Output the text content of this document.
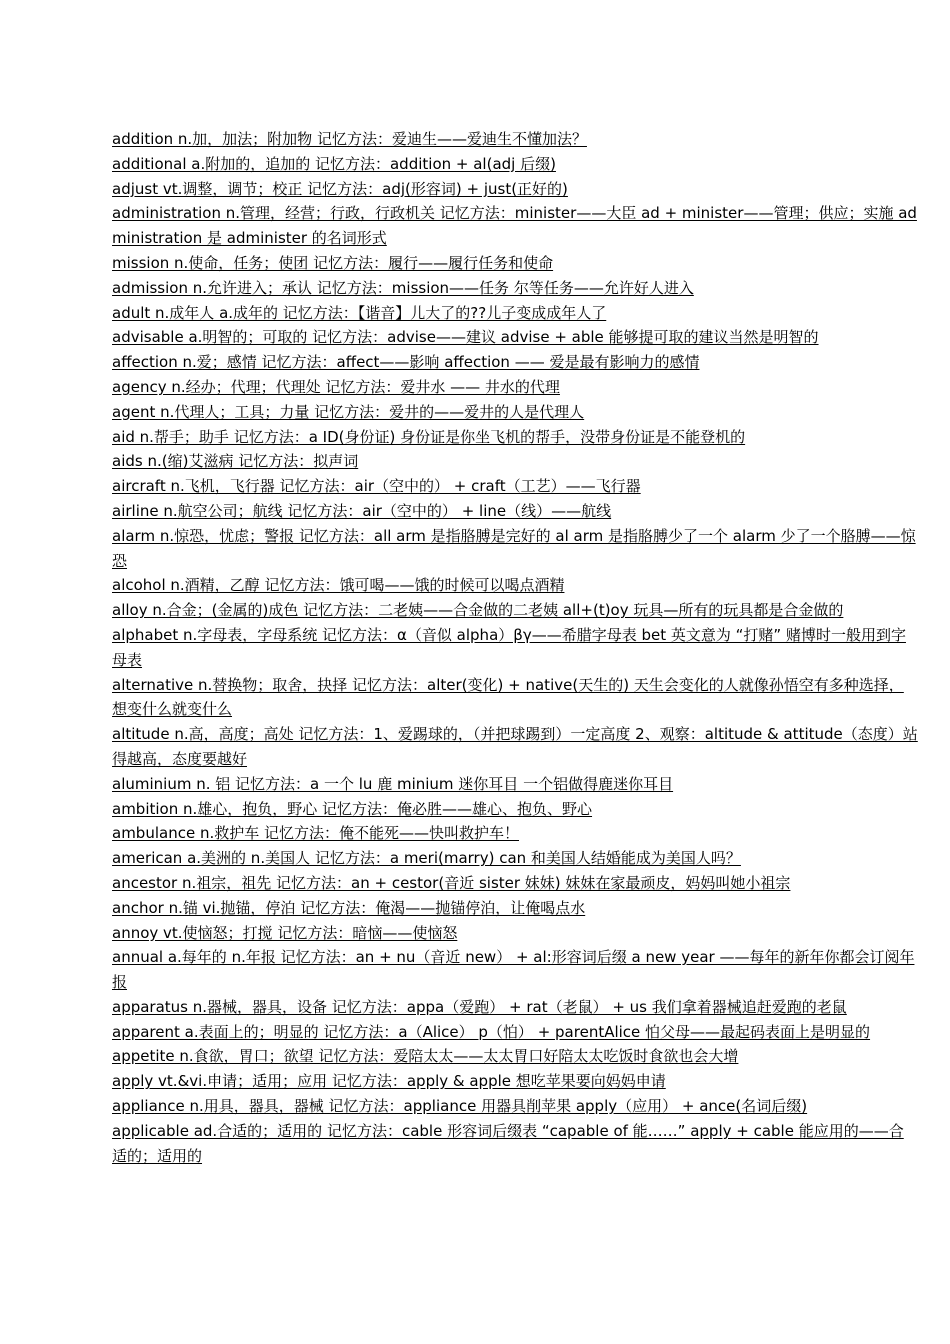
addition n.加，加法；附加物 记忆方法：爱迪生——爱迪生不懂加法？

additional a.附加的，追加的 记忆方法：addition + al(adj 后缀)

adjust vt.调整，调节；校正 记忆方法：adj(形容词) + just(正好的)

administration n.管理，经营；行政，行政机关 记忆方法：minister——大臣 ad + minister——管理；供应；实施 administration 是 administer 的名词形式

mission n.使命，任务；使团 记忆方法：履行——履行任务和使命

admission n.允许进入；承认 记忆方法：mission——任务 尔等任务——允许好人进入

adult n.成年人 a.成年的 记忆方法：【谐音】儿大了的??儿子变成成年人了

advisable a.明智的；可取的 记忆方法：advise——建议 advise + able 能够提可取的建议当然是明智的

affection n.爱；感情 记忆方法：affect——影响 affection —— 爱是最有影响力的感情

agency n.经办；代理；代理处 记忆方法：爱井水 —— 井水的代理

agent n.代理人；工具；力量 记忆方法：爱井的——爱井的人是代理人

aid n.帮手；助手 记忆方法：a ID(身份证) 身份证是你坐飞机的帮手，没带身份证是不能登机的

aids n.(缩)艾滋病 记忆方法：拟声词

aircraft n.飞机，飞行器 记忆方法：air（空中的） + craft（工艺）——飞行器

airline n.航空公司；航线 记忆方法：air（空中的） + line（线）——航线

alarm n.惊恐，忧虑；警报 记忆方法：all arm 是指胳膊是完好的 al arm 是指胳膊少了一个 alarm 少了一个胳膊——惊恐

alcohol n.酒精，乙醇 记忆方法：饿可喝——饿的时候可以喝点酒精

alloy n.合金；(金属的)成色 记忆方法：二老姨——合金做的二老姨 all+(t)oy 玩具—所有的玩具都是合金做的

alphabet n.字母表，字母系统 记忆方法：α（音似 alpha）βγ——希腊字母表 bet 英文意为 “打赌” 赌博时一般用到字母表

alternative n.替换物；取舍，抉择 记忆方法：alter(变化) + native(天生的) 天生会变化的人就像孙悟空有多种选择，想变什么就变什么

altitude n.高，高度；高处 记忆方法：1、爱踢球的，（并把球踢到）一定高度 2、观察：altitude & attitude（态度）站得越高，态度要越好

aluminium n. 铝 记忆方法：a 一个 lu 鹿 minium 迷你耳目 一个铝做得鹿迷你耳目

ambition n.雄心，抱负，野心 记忆方法：俺必胜——雄心、抱负、野心

ambulance n.救护车 记忆方法：俺不能死——快叫救护车！

american a.美洲的 n.美国人 记忆方法：a meri(marry) can 和美国人结婚能成为美国人吗？

ancestor n.祖宗，祖先 记忆方法：an + cestor(音近 sister 妹妹) 妹妹在家最顽皮，妈妈叫她小祖宗

anchor n.锚 vi.抛锚，停泊 记忆方法：俺渴——抛锚停泊，让俺喝点水

annoy vt.使恼怒；打搅 记忆方法：暗恼——使恼怒

annual a.每年的 n.年报 记忆方法：an + nu（音近 new） + al:形容词后缀 a new year ——每年的新年你都会订阅年报

apparatus n.器械，器具，设备 记忆方法：appa（爱跑） + rat（老鼠） + us 我们拿着器械追赶爱跑的老鼠

apparent a.表面上的；明显的 记忆方法：a（Alice） p（怕） + parentAlice 怕父母——最起码表面上是明显的

appetite n.食欲，胃口；欲望 记忆方法：爱陪太太——太太胃口好陪太太吃饭时食欲也会大增

apply vt.&vi.申请；适用；应用 记忆方法：apply & apple 想吃苹果要向妈妈申请

appliance n.用具，器具，器械 记忆方法：appliance 用器具削苹果 apply（应用） + ance(名词后缀)

applicable ad.合适的；适用的 记忆方法：cable 形容词后缀表 “capable of 能……” apply + cable 能应用的——合适的；适用的
